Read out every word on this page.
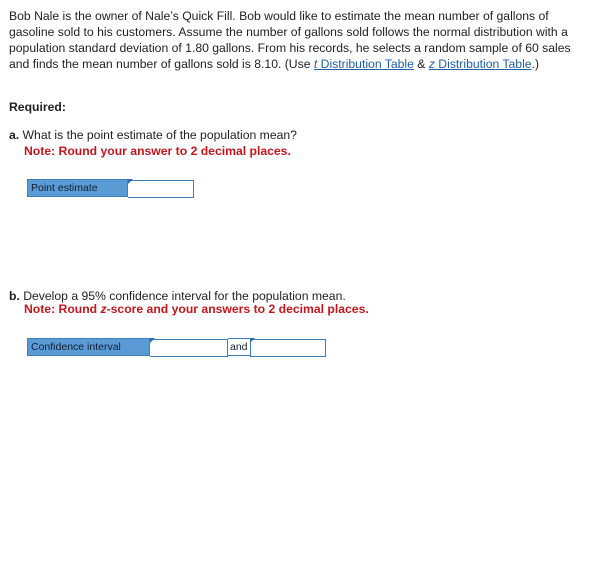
Bob Nale is the owner of Nale’s Quick Fill. Bob would like to estimate the mean number of gallons of gasoline sold to his customers. Assume the number of gallons sold follows the normal distribution with a population standard deviation of 1.80 gallons. From his records, he selects a random sample of 60 sales and finds the mean number of gallons sold is 8.10. (Use t Distribution Table & z Distribution Table.)
Required:
a. What is the point estimate of the population mean?
Note: Round your answer to 2 decimal places.
Point estimate
b. Develop a 95% confidence interval for the population mean.
Note: Round z-score and your answers to 2 decimal places.
Confidence interval	and
